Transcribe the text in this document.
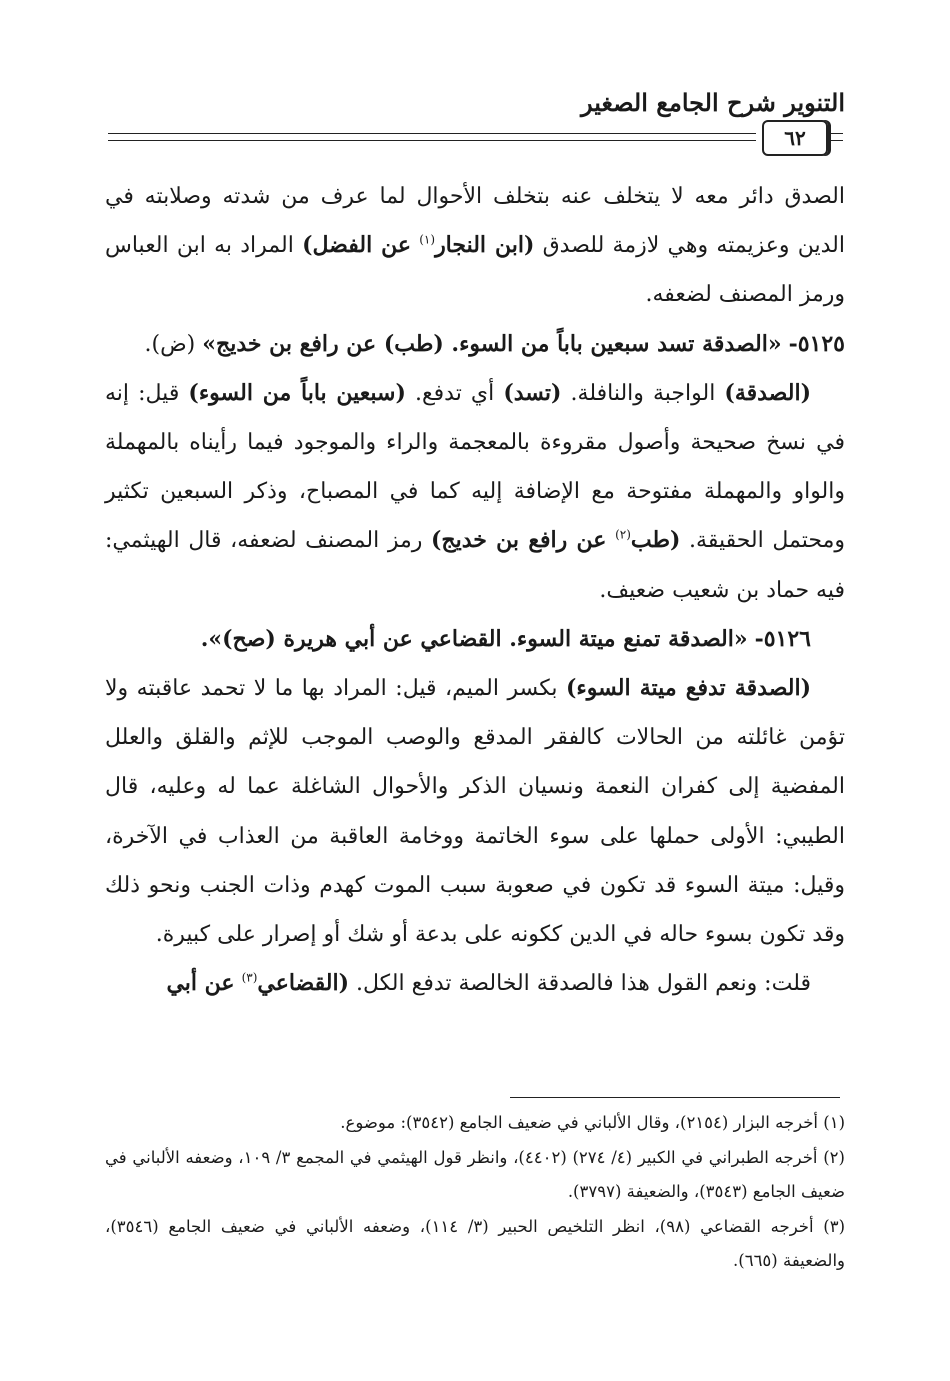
التنوير شرح الجامع الصغير
٦٢

الصدق دائر معه لا يتخلف عنه بتخلف الأحوال لما عرف من شدته وصلابته في الدين وعزيمته وهي لازمة للصدق (ابن النجار$^{(١)}$ عن الفضل) المراد به ابن العباس ورمز المصنف لضعفه.

٥١٢٥- «الصدقة تسد سبعين باباً من السوء. (طب) عن رافع بن خديج» (ض).

(الصدقة) الواجبة والنافلة. (تسد) أي تدفع. (سبعين باباً من السوء) قيل: إنه في نسخ صحيحة وأصول مقروءة بالمعجمة والراء والموجود فيما رأيناه بالمهملة والواو والمهملة مفتوحة مع الإضافة إليه كما في المصباح، وذكر السبعين تكثير ومحتمل الحقيقة. (طب$^{(٢)}$ عن رافع بن خديج) رمز المصنف لضعفه، قال الهيثمي: فيه حماد بن شعيب ضعيف.

٥١٢٦- «الصدقة تمنع ميتة السوء. القضاعي عن أبي هريرة (صح)».

(الصدقة تدفع ميتة السوء) بكسر الميم، قيل: المراد بها ما لا تحمد عاقبته ولا تؤمن غائلته من الحالات كالفقر المدقع والوصب الموجب للإثم والقلق والعلل المفضية إلى كفران النعمة ونسيان الذكر والأحوال الشاغلة عما له وعليه، قال الطيبي: الأولى حملها على سوء الخاتمة ووخامة العاقبة من العذاب في الآخرة، وقيل: ميتة السوء قد تكون في صعوبة سبب الموت كهدم وذات الجنب ونحو ذلك وقد تكون بسوء حاله في الدين ككونه على بدعة أو شك أو إصرار على كبيرة.

قلت: ونعم القول هذا فالصدقة الخالصة تدفع الكل. (القضاعي$^{(٣)}$ عن أبي

(١) أخرجه البزار (٢١٥٤)، وقال الألباني في ضعيف الجامع (٣٥٤٢): موضوع.

(٢) أخرجه الطبراني في الكبير (٤/ ٢٧٤) (٤٤٠٢)، وانظر قول الهيثمي في المجمع ٣/ ١٠٩، وضعفه الألباني في ضعيف الجامع (٣٥٤٣)، والضعيفة (٣٧٩٧).

(٣) أخرجه القضاعي (٩٨)، انظر التلخيص الحبير (٣/ ١١٤)، وضعفه الألباني في ضعيف الجامع (٣٥٤٦)، والضعيفة (٦٦٥).
